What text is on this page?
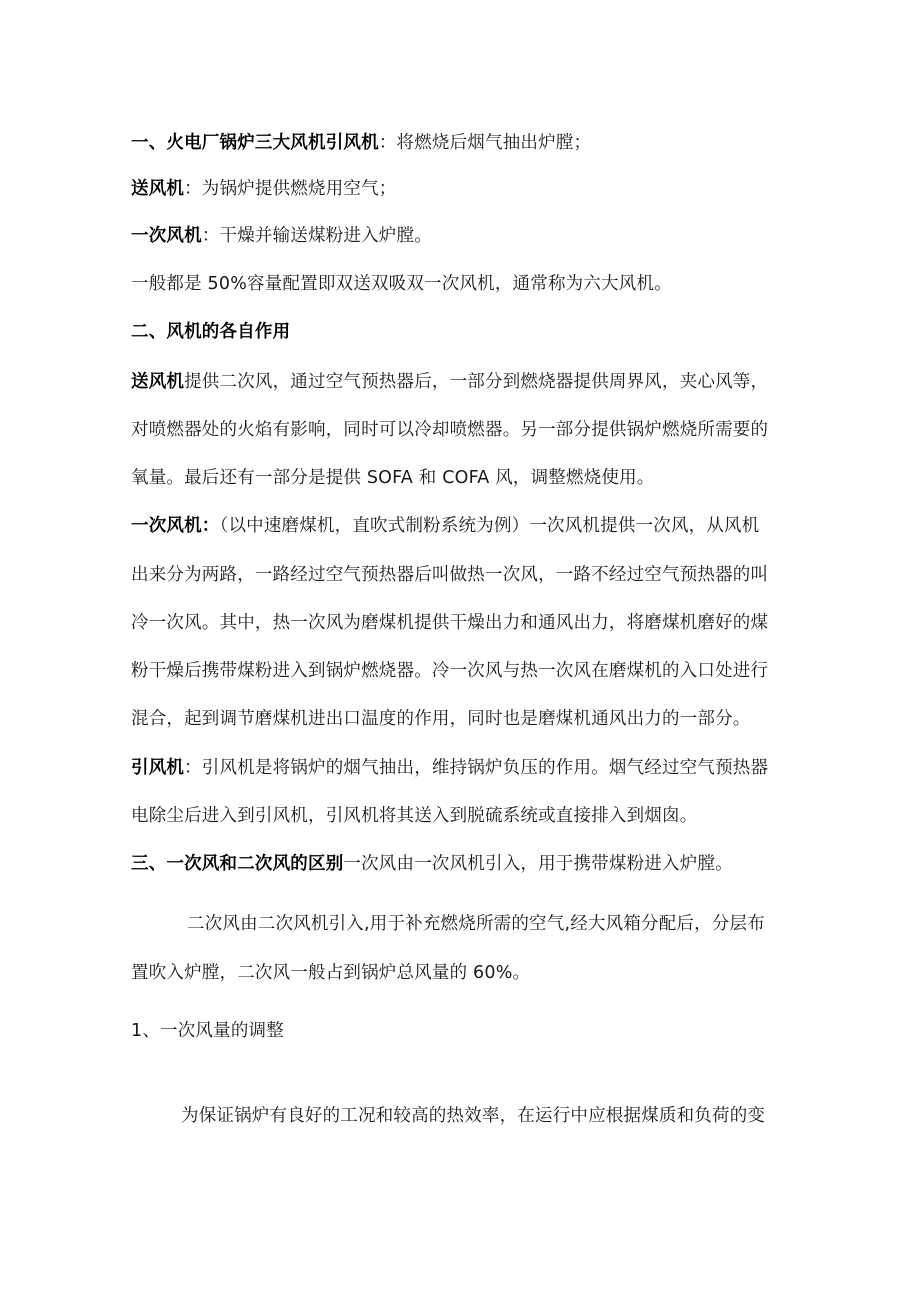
一、火电厂锅炉三大风机引风机：将燃烧后烟气抽出炉膛；
送风机：为锅炉提供燃烧用空气；
一次风机：干燥并输送煤粉进入炉膛。
一般都是 50%容量配置即双送双吸双一次风机，通常称为六大风机。
二、风机的各自作用
送风机提供二次风，通过空气预热器后，一部分到燃烧器提供周界风，夹心风等，
对喷燃器处的火焰有影响，同时可以冷却喷燃器。另一部分提供锅炉燃烧所需要的
氧量。最后还有一部分是提供 SOFA 和 COFA 风，调整燃烧使用。
一次风机：（以中速磨煤机，直吹式制粉系统为例）一次风机提供一次风，从风机
出来分为两路，一路经过空气预热器后叫做热一次风，一路不经过空气预热器的叫
冷一次风。其中，热一次风为磨煤机提供干燥出力和通风出力，将磨煤机磨好的煤
粉干燥后携带煤粉进入到锅炉燃烧器。冷一次风与热一次风在磨煤机的入口处进行
混合，起到调节磨煤机进出口温度的作用，同时也是磨煤机通风出力的一部分。
引风机：引风机是将锅炉的烟气抽出，维持锅炉负压的作用。烟气经过空气预热器
电除尘后进入到引风机，引风机将其送入到脱硫系统或直接排入到烟囱。
三、一次风和二次风的区别一次风由一次风机引入，用于携带煤粉进入炉膛。
二次风由二次风机引入,用于补充燃烧所需的空气,经大风箱分配后，分层布
置吹入炉膛，二次风一般占到锅炉总风量的 60%。
1、一次风量的调整
为保证锅炉有良好的工况和较高的热效率，在运行中应根据煤质和负荷的变
